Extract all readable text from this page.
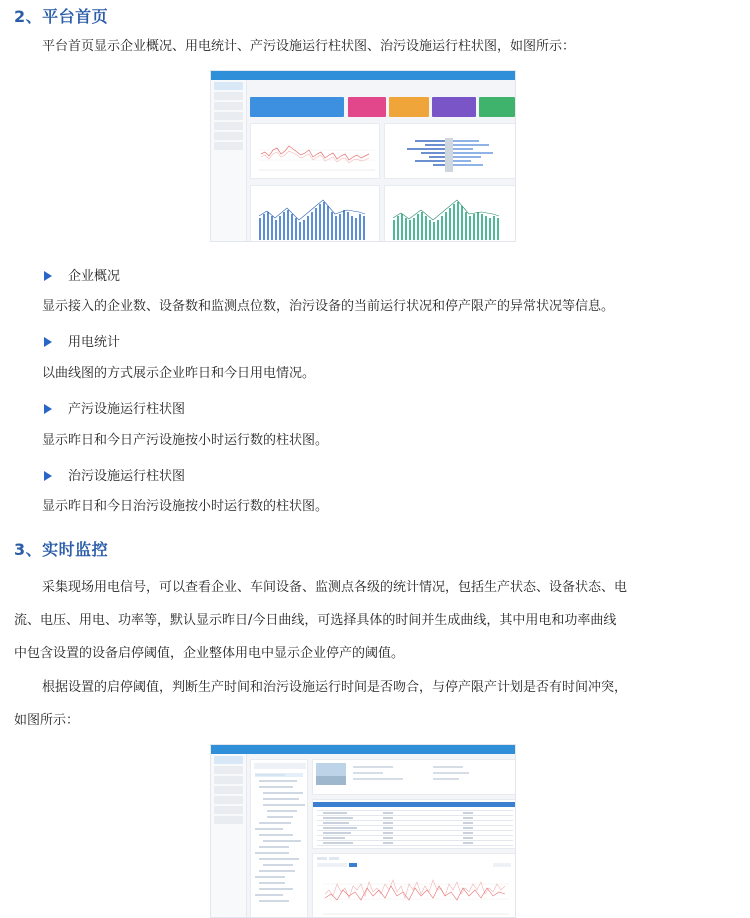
2、平台首页
平台首页显示企业概况、用电统计、产污设施运行柱状图、治污设施运行柱状图，如图所示：
企业概况
显示接入的企业数、设备数和监测点位数，治污设备的当前运行状况和停产限产的异常状况等信息。
用电统计
以曲线图的方式展示企业昨日和今日用电情况。
产污设施运行柱状图
显示昨日和今日产污设施按小时运行数的柱状图。
治污设施运行柱状图
显示昨日和今日治污设施按小时运行数的柱状图。
3、实时监控
采集现场用电信号，可以查看企业、车间设备、监测点各级的统计情况，包括生产状态、设备状态、电
流、电压、用电、功率等，默认显示昨日/今日曲线，可选择具体的时间并生成曲线，其中用电和功率曲线
中包含设置的设备启停阈值，企业整体用电中显示企业停产的阈值。
根据设置的启停阈值，判断生产时间和治污设施运行时间是否吻合，与停产限产计划是否有时间冲突，
如图所示：
